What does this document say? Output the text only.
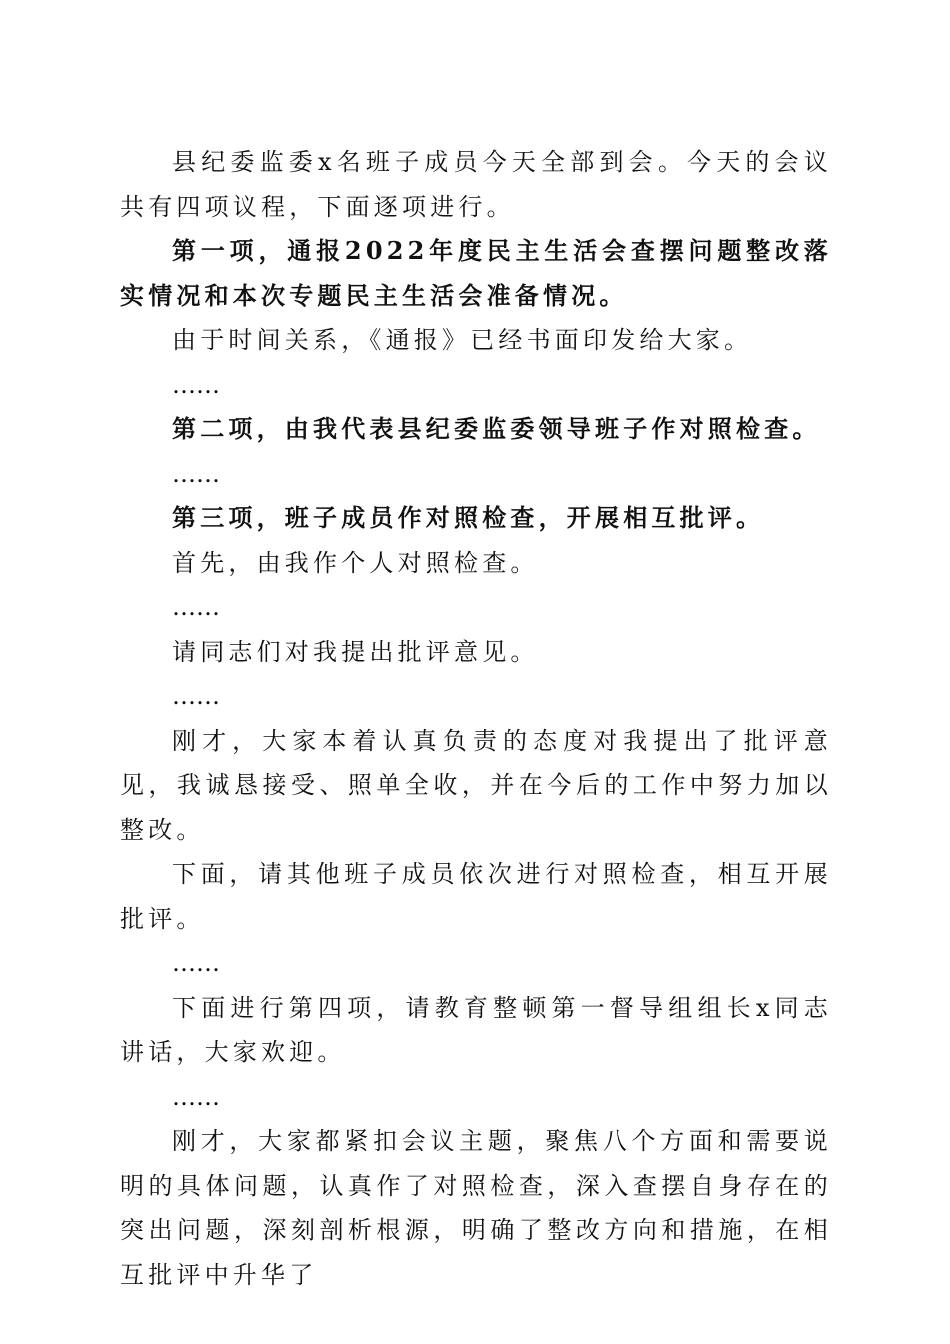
县纪委监委x名班子成员今天全部到会。今天的会议共有四项议程，下面逐项进行。

第一项，通报2022年度民主生活会查摆问题整改落实情况和本次专题民主生活会准备情况。

由于时间关系，《通报》已经书面印发给大家。

……

第二项，由我代表县纪委监委领导班子作对照检查。

……

第三项，班子成员作对照检查，开展相互批评。

首先，由我作个人对照检查。

……

请同志们对我提出批评意见。

……

刚才，大家本着认真负责的态度对我提出了批评意见，我诚恳接受、照单全收，并在今后的工作中努力加以整改。

下面，请其他班子成员依次进行对照检查，相互开展批评。

……

下面进行第四项，请教育整顿第一督导组组长x同志讲话，大家欢迎。

……

刚才，大家都紧扣会议主题，聚焦八个方面和需要说明的具体问题，认真作了对照检查，深入查摆自身存在的突出问题，深刻剖析根源，明确了整改方向和措施，在相互批评中升华了
